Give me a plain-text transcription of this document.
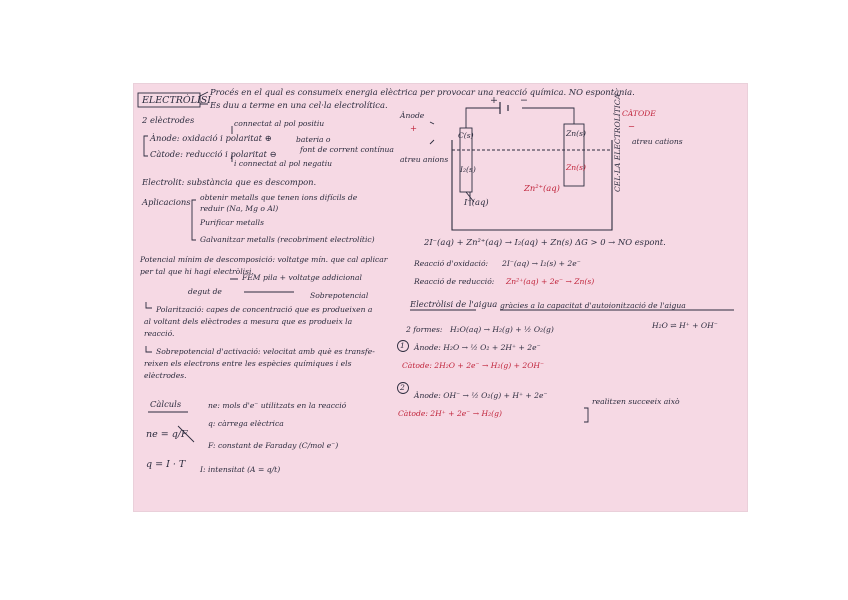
ELECTRÒLISI
Procés en el qual es consumeix energia elèctrica per provocar una reacció química. NO espontània.
Es duu a terme en una cel·la electrolítica.
2 elèctrodes	connectat al pol positiu
Ànode: oxidació i polaritat ⊕	bateria o
font de corrent contínua
Càtode: reducció i polaritat ⊖
i connectat al pol negatiu
Electrolit: substància que es descompon.
Aplicacions obtenir metalls que tenen ions difícils de
reduir (Na, Mg o Al)
Purificar metalls
Galvanitzar metalls (recobriment electrolític)
Potencial mínim de descomposició: voltatge mín. que cal aplicar
per tal que hi hagi electròlisi.
FEM pila + voltatge addicional
degut de	Sobrepotencial
Polarització: capes de concentració que es produeixen a
al voltant dels elèctrodes a mesura que es produeix la
reacció.
Sobrepotencial d'activació: velocitat amb què es transfe-
reixen els electrons entre les espècies químiques i els
elèctrodes.
Càlculs	ne: mols d'e⁻ utilitzats en la reacció
ne = q/F
q: càrrega elèctrica
F: constant de Faraday (C/mol e⁻)
q = I · T I: intensitat (A = q/t)
Ànode
+
atreu anions
CÀTODE
−
atreu cations
+ −
C(s)	Zn(s)
Zn(s)
I₂(s)
Zn²⁺(aq)
I⁻(aq)
CEL·LA ELECTROLÍTICA
2I⁻(aq) + Zn²⁺(aq) → I₂(aq) + Zn(s) ΔG > 0 → NO espont.
Reacció d'oxidació: 2I⁻(aq) → I₂(s) + 2e⁻
Reacció de reducció: Zn²⁺(aq) + 2e⁻ → Zn(s)
Electròlisi de l'aigua gràcies a la capacitat d'autoionització de l'aigua
H₂O ⇌ H⁺ + OH⁻
2 formes: H₂O(aq) → H₂(g) + ½ O₂(g)
1 Ànode: H₂O → ½ O₂ + 2H⁺ + 2e⁻
Càtode: 2H₂O + 2e⁻ → H₂(g) + 2OH⁻
2
Ànode: OH⁻ → ½ O₂(g) + H⁺ + 2e⁻
Càtode: 2H⁺ + 2e⁻ → H₂(g)
realitzen succeeix això
